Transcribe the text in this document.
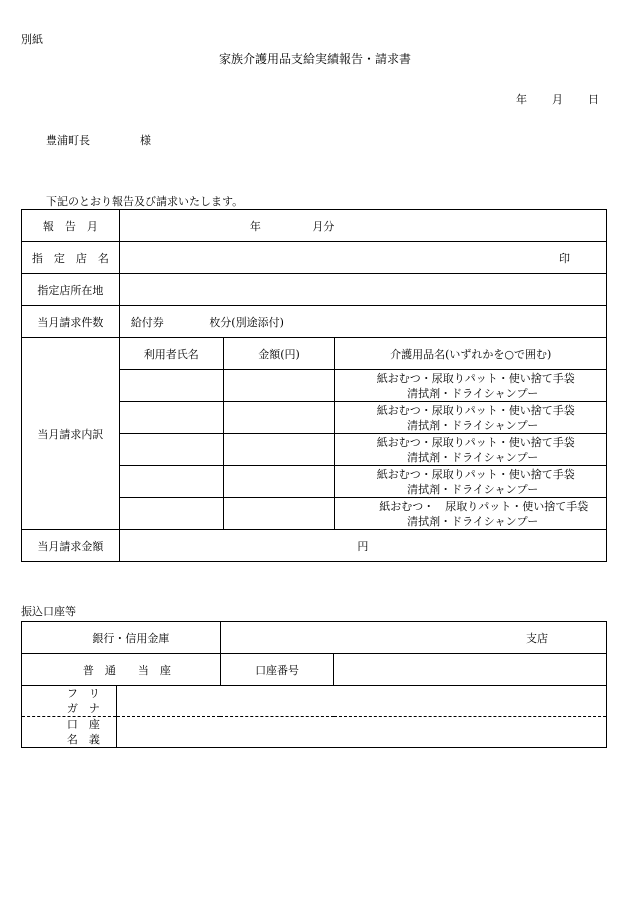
別紙
家族介護用品支給実績報告・請求書
年 月 日
豊浦町長	様
下記のとおり報告及び請求いたします。
報　告　月	年 月分		
指　定　店　名	印		
指定店所在地			
当月請求件数	給付券 枚分(別途添付)		
当月請求内訳	利用者氏名	金額(円)	介護用品名(いずれかを○で囲む)

			紙おむつ・尿取りパット・使い捨て手袋
清拭剤・ドライシャンプー

			紙おむつ・尿取りパット・使い捨て手袋
清拭剤・ドライシャンプー

			紙おむつ・尿取りパット・使い捨て手袋
清拭剤・ドライシャンプー

			紙おむつ・尿取りパット・使い捨て手袋
清拭剤・ドライシャンプー

			紙おむつ・　尿取りパット・使い捨て手袋
清拭剤・ドライシャンプー

当月請求金額	円		
振込口座等
銀行・信用金庫		支店	
普　通　　当　座		口座番号	

フ　リ
ガ　ナ			

口　座
名　義			
